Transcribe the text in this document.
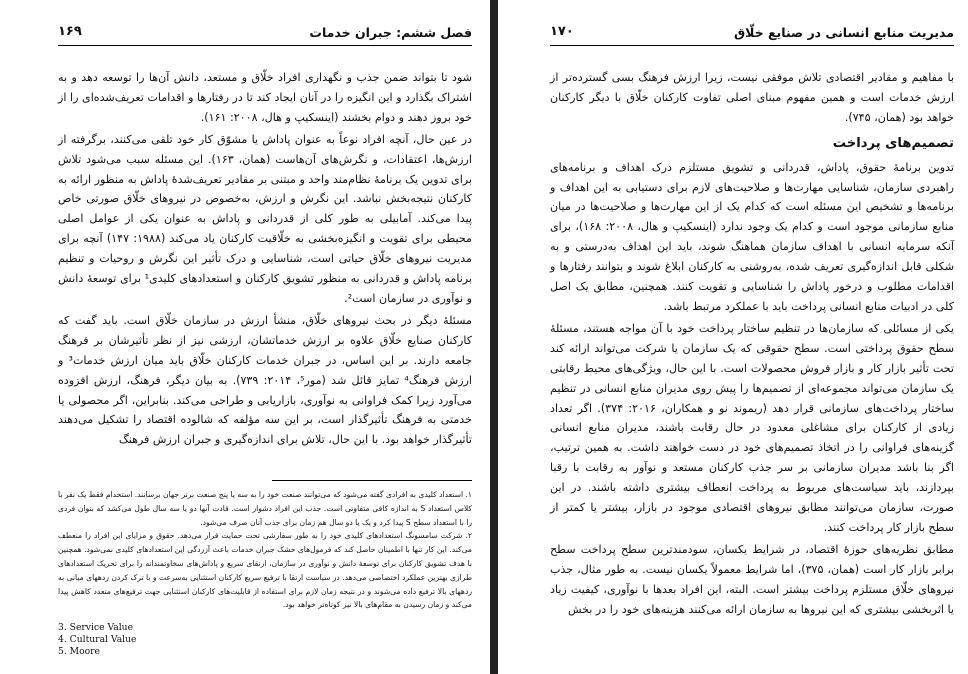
فصل ششم: جبران خدمات
۱۶۹

شود تا بتواند ضمن جذب و نگهداری افراد خلّاق و مستعد، دانش آن‌ها را توسعه دهد و به اشتراک بگذارد و این انگیزه را در آنان ایجاد کند تا در رفتارها و اقدامات تعریف‌شده‌ای را از خود بروز دهند و دوام بخشند (اینسکیپ و هال، ۲۰۰۸: ۱۶۱).

در عین حال، آنچه افراد نوعاً به عنوان پاداش یا مشوّق کار خود تلقی می‌کنند، برگرفته از ارزش‌ها، اعتقادات، و نگرش‌های آن‌هاست (همان، ۱۶۳). این مسئله سبب می‌شود تلاش برای تدوین یک برنامهٔ نظام‌مند واحد و مبتنی بر مقادیر تعریف‌شدهٔ پاداش به منظور ارائه به کارکنان نتیجه‌بخش نباشد. این نگرش و ارزش، به‌خصوص در نیروهای خلّاق صورتی خاص پیدا می‌کند. آمابیلی به طور کلی از قدردانی و پاداش به عنوان یکی از عوامل اصلی محیطی برای تقویت و انگیزه‌بخشی به خلّاقیت کارکنان یاد می‌کند (۱۹۸۸: ۱۴۷) آنچه برای مدیریت نیروهای خلّاق حیاتی است، شناسایی و درک تأثیر این نگرش و روحیات و تنظیم برنامه پاداش و قدردانی به منظور تشویق کارکنان و استعدادهای کلیدی¹ برای توسعهٔ دانش و نوآوری در سازمان است².

مسئلهٔ دیگر در بحث نیروهای خلّاق، منشأ ارزش در سازمان خلّاق است. باید گفت که کارکنان صنایع خلّاق علاوه بر ارزش خدماتشان، ارزشی نیز از نظر تأثیرشان بر فرهنگ جامعه دارند. بر این اساس، در جبران خدمات کارکنان خلّاق باید میان ارزش خدمات³ و ارزش فرهنگ⁴ تمایز قائل شد (مور⁵، ۲۰۱۴: ۷۳۹). به بیان دیگر، فرهنگ، ارزش افزوده می‌آورد زیرا کمک فراوانی به نوآوری، بازاریابی و طراحی می‌کند. بنابراین، اگر محصولی یا خدمتی به فرهنگ تأثیرگذار است، بر این سه مؤلفه که شالوده اقتصاد را تشکیل می‌دهند تأثیرگذار خواهد بود. با این حال، تلاش برای اندازه‌گیری و جبران ارزش فرهنگ

۱. استعداد کلیدی به افرادی گفته می‌شود که می‌توانند صنعت خود را به سه یا پنج صنعت برتر جهان برسانند. استخدام فقط یک نفر با کلاس استعداد S به اندازه کافی متفاوتی است. جذب این افراد دشوار است. قادت آنها دو یا سه سال طول می‌کشد که بتوان فردی را با استعداد سطح S پیدا کرد و یک یا دو سال هم زمان برای جذب آنان صرف می‌شود.

۲. شرکت سامسونگ استعدادهای کلیدی خود را به طور سفارشی تحت حمایت قرار می‌دهد. حقوق و مزایای این افراد را منعطف می‌کند. این کار تنها با اطمینان حاصل کند که فرمول‌های خشک جبران خدمات باعث آزردگی این استعدادهای کلیدی نمی‌شود. همچنین با هدف تشویق کارکنان برای توسعهٔ دانش و نوآوری در سازمان، ارتقای سریع و پاداش‌های سخاوتمندانه را برای تحریک استعدادهای طرازی بهترین عملکرد اختصاصی می‌دهد. در سیاست ارتقا با ترفیع سریع کارکنان استثنایی به‌سرعت و با ترک کردن ردههای میانی به ردههای بالا ترفیع داده می‌شوند و در نتیجه زمان لازم برای استفاده از قابلیت‌های کارکنان استثنایی جهت ترفیع‌های متعدد کاهش پیدا می‌کند و زمان رسیدن به مقام‌های بالا نیز کوتاه‌تر خواهد بود.

3. Service Value
4. Cultural Value
5. Moore
مدیریت منابع انسانی در صنایع خلّاق
۱۷۰

با مفاهیم و مقادیر اقتصادی تلاش موفقی نیست، زیرا ارزش فرهنگ بسی گسترده‌تر از ارزش خدمات است و همین مفهوم مبنای اصلی تفاوت کارکنان خلّاق با دیگر کارکنان خواهد بود (همان، ۷۴۵).

تصمیم‌های پرداخت

تدوین برنامهٔ حقوق، پاداش، قدردانی و تشویق مستلزم درک اهداف و برنامه‌های راهبردی سازمان، شناسایی مهارت‌ها و صلاحیت‌های لازم برای دستیابی به این اهداف و برنامه‌ها و تشخیص این مسئله است که کدام یک از این مهارت‌ها و صلاحیت‌ها در میان منابع سازمانی موجود است و کدام یک وجود ندارد (اینسکیپ و هال، ۲۰۰۸: ۱۶۸)، برای آنکه سرمایه انسانی با اهداف سازمان هماهنگ شوند، باید این اهداف به‌درستی و به شکلی قابل اندازه‌گیری تعریف شده، به‌روشنی به کارکنان ابلاغ شوند و بتوانند رفتارها و اقدامات مطلوب و درخور پاداش را شناسایی و تقویت کنند. همچنین، مطابق یک اصل کلی در ادبیات منابع انسانی پرداخت باید با عملکرد مرتبط باشد.

یکی از مسائلی که سازمان‌ها در تنظیم ساختار پرداخت خود با آن مواجه هستند، مسئلهٔ سطح حقوق پرداختی است. سطح حقوقی که یک سازمان یا شرکت می‌تواند ارائه کند تحت تأثیر بازار کار و بازار فروش محصولات است. با این حال، ویژگی‌های محیط رقابتی یک سازمان می‌تواند مجموعه‌ای از تصمیم‌ها را پیش روی مدیران منابع انسانی در تنظیم ساختار پرداخت‌های سازمانی قرار دهد (ریموند نو و همکاران، ۲۰۱۶: ۳۷۴). اگر تعداد زیادی از کارکنان برای مشاغلی معدود در حال رقابت باشند، مدیران منابع انسانی گزینه‌های فراوانی را در اتخاذ تصمیم‌های خود در دست خواهند داشت. به همین ترتیب، اگر بنا باشد مدیران سازمانی بر سر جذب کارکنان مستعد و نوآور به رقابت با رقبا بپردازند، باید سیاست‌های مربوط به پرداخت انعطاف بیشتری داشته باشند. در این صورت، سازمان می‌توانند مطابق نیروهای اقتصادی موجود در بازار، بیشتر یا کمتر از سطح بازار کار پرداخت کنند.

مطابق نظریه‌های حوزهٔ اقتصاد، در شرایط یکسان، سودمندترین سطح پرداخت سطح برابر بازار کار است (همان، ۳۷۵)، اما شرایط معمولاً یکسان نیست. به طور مثال، جذب نیروهای خلّاق مستلزم پرداخت بیشتر است. البته، این افراد بعدها با نوآوری، کیفیت زیاد یا اثربخشی بیشتری که این نیروها به سازمان ارائه می‌کنند هزینه‌های خود را در بخش
